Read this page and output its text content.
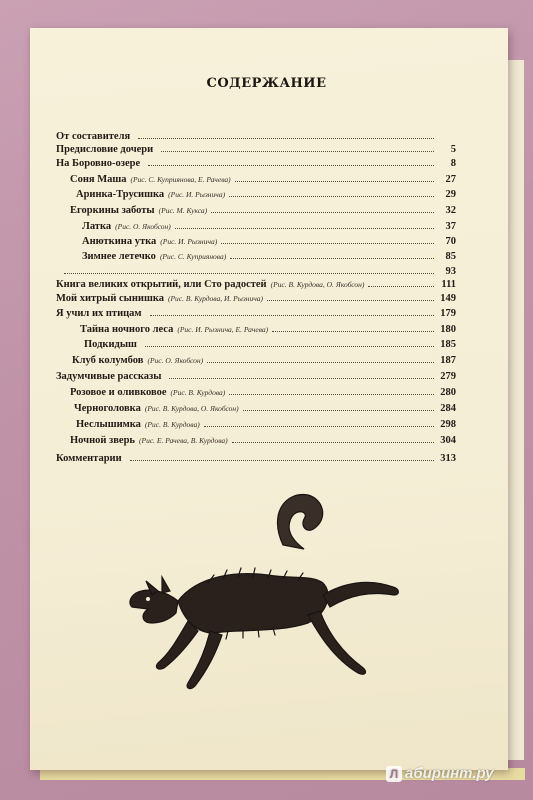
СОДЕРЖАНИЕ
От составителя
Предисловие дочери	5
На Боровно-озере	8
Соня Маша (Рис. С. Куприянова, Е. Рачева)	27
Аринка-Трусишка (Рис. И. Рызнича)	29
Егоркины заботы (Рис. М. Кукса)	32
Латка (Рис. О. Якобсон)	37
Анюткина утка (Рис. И. Рызнича)	70
Зимнее летечко (Рис. С. Куприянова)	85
93
Книга великих открытий, или Сто радостей (Рис. В. Курдова, О. Якобсон)	111
Мой хитрый сынишка (Рис. В. Курдова, И. Рызнича)	149
Я учил их птицам	179
Тайна ночного леса (Рис. И. Рызнича, Е. Рачева)	180
Подкидыш	185
Клуб колумбов (Рис. О. Якобсон)	187
Задумчивые рассказы	279
Розовое и оливковое (Рис. В. Курдова)	280
Черноголовка (Рис. В. Курдова, О. Якобсон)	284
Неслышимка (Рис. В. Курдова)	298
Ночной зверь (Рис. Е. Рачева, В. Курдова)	304
Комментарии	313
Л абиринт.ру
